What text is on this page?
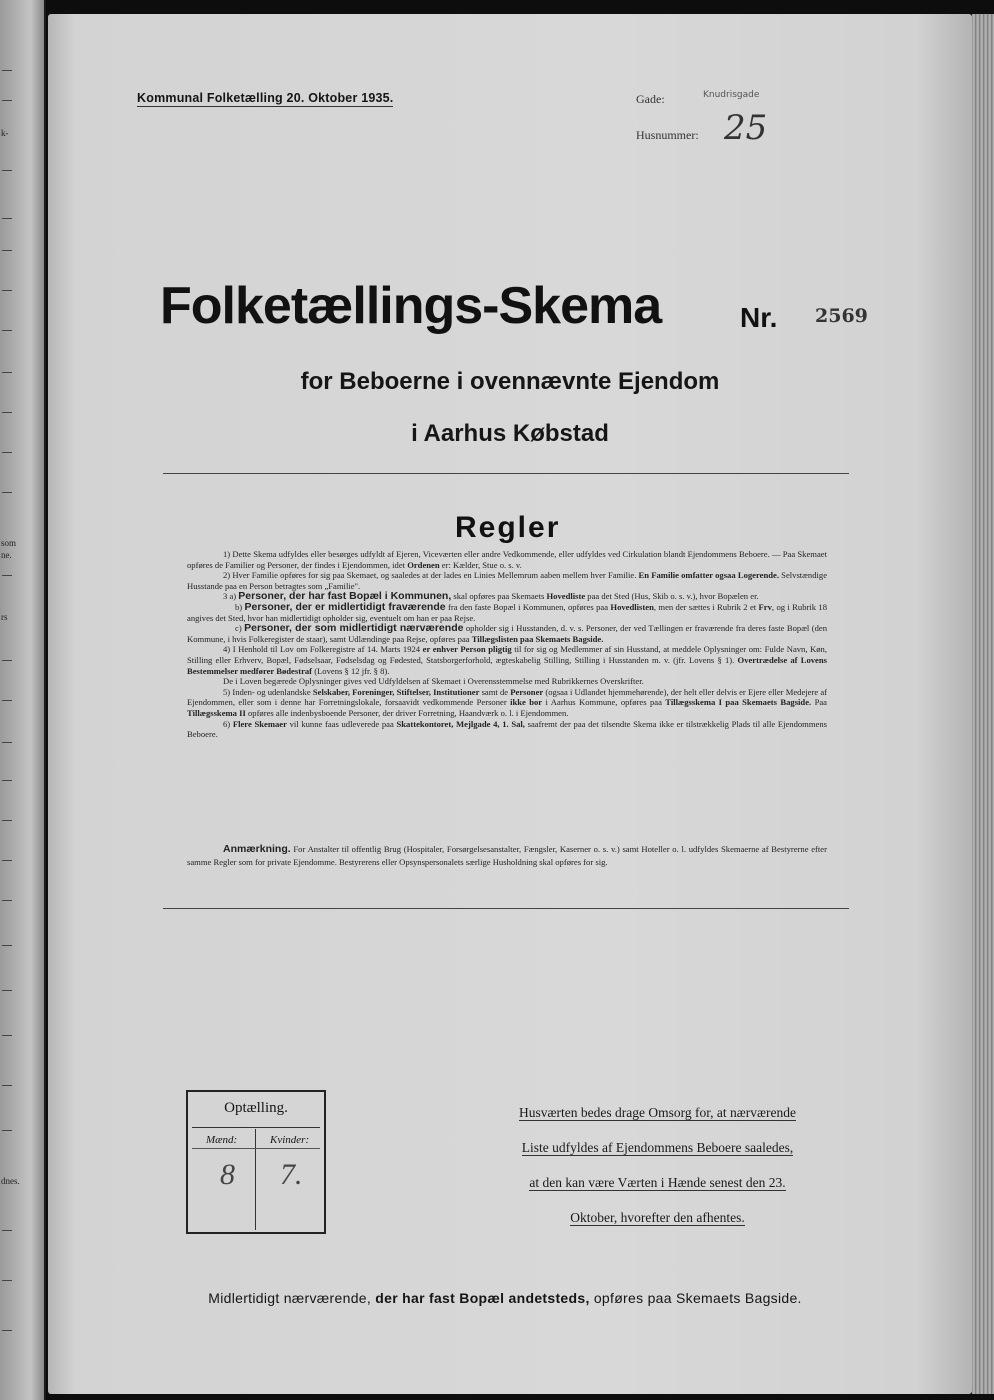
k-
som
ne.
rs
dnes.
Kommunal Folketælling 20. Oktober 1935.	Gade:	Knudrisgade
Husnummer: 25
Folketællings-Skema	Nr. 2569
for Beboerne i ovennævnte Ejendom
i Aarhus Købstad
Regler

1) Dette Skema udfyldes eller besørges udfyldt af Ejeren, Viceværten eller andre Vedkommende, eller udfyldes ved Cirkulation blandt Ejendommens Beboere. — Paa Skemaet opføres de Familier og Personer, der findes i Ejendommen, idet Ordenen er: Kælder, Stue o. s. v.

2) Hver Familie opføres for sig paa Skemaet, og saaledes at der lades en Linies Mellemrum aaben mellem hver Familie. En Familie omfatter ogsaa Logerende. Selvstændige Husstande paa en Person betragtes som „Familie".

3 a) Personer, der har fast Bopæl i Kommunen, skal opføres paa Skemaets Hovedliste paa det Sted (Hus, Skib o. s. v.), hvor Bopælen er.

b) Personer, der er midlertidigt fraværende fra den faste Bopæl i Kommunen, opføres paa Hovedlisten, men der sættes i Rubrik 2 et Frv, og i Rubrik 18 angives det Sted, hvor han midlertidigt opholder sig, eventuelt om han er paa Rejse.

c) Personer, der som midlertidigt nærværende opholder sig i Husstanden, d. v. s. Personer, der ved Tællingen er fraværende fra deres faste Bopæl (den Kommune, i hvis Folkeregister de staar), samt Udlændinge paa Rejse, opføres paa Tillægslisten paa Skemaets Bagside.

4) I Henhold til Lov om Folkeregistre af 14. Marts 1924 er enhver Person pligtig til for sig og Medlemmer af sin Husstand, at meddele Oplysninger om: Fulde Navn, Køn, Stilling eller Erhverv, Bopæl, Fødselsaar, Fødselsdag og Fødested, Statsborgerforhold, ægteskabelig Stilling, Stilling i Husstanden m. v. (jfr. Lovens § 1). Overtrædelse af Lovens Bestemmelser medfører Bødestraf (Lovens § 12 jfr. § 8).

De i Loven begærede Oplysninger gives ved Udfyldelsen af Skemaet i Overensstemmelse med Rubrikkernes Overskrifter.

5) Inden- og udenlandske Selskaber, Foreninger, Stiftelser, Institutioner samt de Personer (ogsaa i Udlandet hjemmehørende), der helt eller delvis er Ejere eller Medejere af Ejendommen, eller som i denne har Forretningslokale, forsaavidt vedkommende Personer ikke bor i Aarhus Kommune, opføres paa Tillægsskema I paa Skemaets Bagside. Paa Tillægsskema II opføres alle indenbysboende Personer, der driver Forretning, Haandværk o. l. i Ejendommen.

6) Flere Skemaer vil kunne faas udleverede paa Skattekontoret, Mejlgade 4, 1. Sal, saafremt der paa det tilsendte Skema ikke er tilstrækkelig Plads til alle Ejendommens Beboere.

Anmærkning. For Anstalter til offentlig Brug (Hospitaler, Forsørgelsesanstalter, Fængsler, Kaserner o. s. v.) samt Hoteller o. l. udfyldes Skemaerne af Bestyrerne efter samme Regler som for private Ejendomme. Bestyrerens eller Opsynspersonalets særlige Husholdning skal opføres for sig.

Optælling.
Mænd:	Kvinder:
8 7.
Husværten bedes drage Omsorg for, at nærværende
Liste udfyldes af Ejendommens Beboere saaledes,
at den kan være Værten i Hænde senest den 23.
Oktober, hvorefter den afhentes.
Midlertidigt nærværende, der har fast Bopæl andetsteds, opføres paa Skemaets Bagside.
